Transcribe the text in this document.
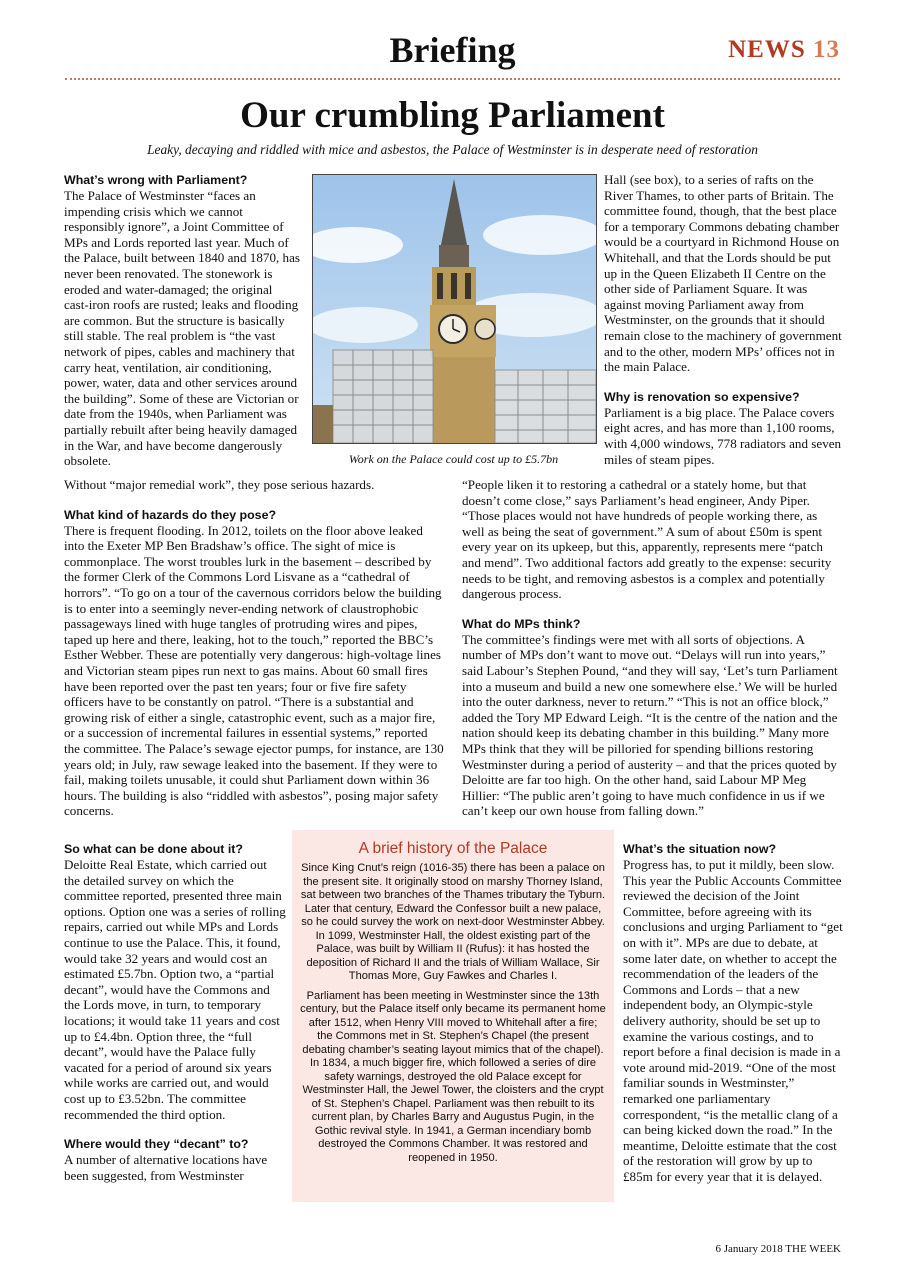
Briefing	NEWS 13
Our crumbling Parliament
Leaky, decaying and riddled with mice and asbestos, the Palace of Westminster is in desperate need of restoration

What’s wrong with Parliament?

The Palace of Westminster “faces an impending crisis which we cannot responsibly ignore”, a Joint Committee of MPs and Lords reported last year. Much of the Palace, built between 1840 and 1870, has never been renovated. The stonework is eroded and water-damaged; the original cast-iron roofs are rusted; leaks and flooding are common. But the structure is basically still stable. The real problem is “the vast network of pipes, cables and machinery that carry heat, ventilation, air conditioning, power, water, data and other services around the building”. Some of these are Victorian or date from the 1940s, when Parliament was partially rebuilt after being heavily damaged in the War, and have become dangerously obsolete.

Without “major remedial work”, they pose serious hazards.

What kind of hazards do they pose?

There is frequent flooding. In 2012, toilets on the floor above leaked into the Exeter MP Ben Bradshaw’s office. The sight of mice is commonplace. The worst troubles lurk in the basement – described by the former Clerk of the Commons Lord Lisvane as a “cathedral of horrors”. “To go on a tour of the cavernous corridors below the building is to enter into a seemingly never-ending network of claustrophobic passageways lined with huge tangles of protruding wires and pipes, taped up here and there, leaking, hot to the touch,” reported the BBC’s Esther Webber. These are potentially very dangerous: high-voltage lines and Victorian steam pipes run next to gas mains. About 60 small fires have been reported over the past ten years; four or five fire safety officers have to be constantly on patrol. “There is a substantial and growing risk of either a single, catastrophic event, such as a major fire, or a succession of incremental failures in essential systems,” reported the committee. The Palace’s sewage ejector pumps, for instance, are 130 years old; in July, raw sewage leaked into the basement. If they were to fail, making toilets unusable, it could shut Parliament down within 36 hours. The building is also “riddled with asbestos”, posing major safety concerns.

Work on the Palace could cost up to £5.7bn

Hall (see box), to a series of rafts on the River Thames, to other parts of Britain. The committee found, though, that the best place for a temporary Commons debating chamber would be a courtyard in Richmond House on Whitehall, and that the Lords should be put up in the Queen Elizabeth II Centre on the other side of Parliament Square. It was against moving Parliament away from Westminster, on the grounds that it should remain close to the machinery of government and to the other, modern MPs’ offices not in the main Palace.

Why is renovation so expensive?

Parliament is a big place. The Palace covers eight acres, and has more than 1,100 rooms, with 4,000 windows, 778 radiators and seven miles of steam pipes.

“People liken it to restoring a cathedral or a stately home, but that doesn’t come close,” says Parliament’s head engineer, Andy Piper. “Those places would not have hundreds of people working there, as well as being the seat of government.” A sum of about £50m is spent every year on its upkeep, but this, apparently, represents mere “patch and mend”. Two additional factors add greatly to the expense: security needs to be tight, and removing asbestos is a complex and potentially dangerous process.

What do MPs think?

The committee’s findings were met with all sorts of objections. A number of MPs don’t want to move out. “Delays will run into years,” said Labour’s Stephen Pound, “and they will say, ‘Let’s turn Parliament into a museum and build a new one somewhere else.’ We will be hurled into the outer darkness, never to return.” “This is not an office block,” added the Tory MP Edward Leigh. “It is the centre of the nation and the nation should keep its debating chamber in this building.” Many more MPs think that they will be pilloried for spending billions restoring Westminster during a period of austerity – and that the prices quoted by Deloitte are far too high. On the other hand, said Labour MP Meg Hillier: “The public aren’t going to have much confidence in us if we can’t keep our own house from falling down.”

So what can be done about it?

Deloitte Real Estate, which carried out the detailed survey on which the committee reported, presented three main options. Option one was a series of rolling repairs, carried out while MPs and Lords continue to use the Palace. This, it found, would take 32 years and would cost an estimated £5.7bn. Option two, a “partial decant”, would have the Commons and the Lords move, in turn, to temporary locations; it would take 11 years and cost up to £4.4bn. Option three, the “full decant”, would have the Palace fully vacated for a period of around six years while works are carried out, and would cost up to £3.52bn. The committee recommended the third option.

Where would they “decant” to?

A number of alternative locations have been suggested, from Westminster

A brief history of the Palace

Since King Cnut’s reign (1016-35) there has been a palace on the present site. It originally stood on marshy Thorney Island, sat between two branches of the Thames tributary the Tyburn. Later that century, Edward the Confessor built a new palace, so he could survey the work on next-door Westminster Abbey. In 1099, Westminster Hall, the oldest existing part of the Palace, was built by William II (Rufus): it has hosted the deposition of Richard II and the trials of William Wallace, Sir Thomas More, Guy Fawkes and Charles I.

Parliament has been meeting in Westminster since the 13th century, but the Palace itself only became its permanent home after 1512, when Henry VIII moved to Whitehall after a fire; the Commons met in St. Stephen’s Chapel (the present debating chamber’s seating layout mimics that of the chapel). In 1834, a much bigger fire, which followed a series of dire safety warnings, destroyed the old Palace except for Westminster Hall, the Jewel Tower, the cloisters and the crypt of St. Stephen’s Chapel. Parliament was then rebuilt to its current plan, by Charles Barry and Augustus Pugin, in the Gothic revival style. In 1941, a German incendiary bomb destroyed the Commons Chamber. It was restored and reopened in 1950.

What’s the situation now?

Progress has, to put it mildly, been slow. This year the Public Accounts Committee reviewed the decision of the Joint Committee, before agreeing with its conclusions and urging Parliament to “get on with it”. MPs are due to debate, at some later date, on whether to accept the recommendation of the leaders of the Commons and Lords – that a new independent body, an Olympic-style delivery authority, should be set up to examine the various costings, and to report before a final decision is made in a vote around mid-2019. “One of the most familiar sounds in Westminster,” remarked one parliamentary correspondent, “is the metallic clang of a can being kicked down the road.” In the meantime, Deloitte estimate that the cost of the restoration will grow by up to £85m for every year that it is delayed.

6 January 2018 THE WEEK
